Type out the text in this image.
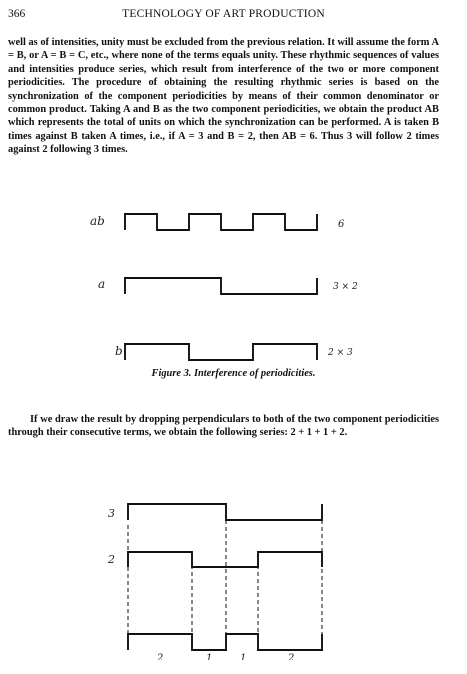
366	TECHNOLOGY OF ART PRODUCTION

well as of intensities, unity must be excluded from the previous relation. It will assume the form A = B, or A = B = C, etc., where none of the terms equals unity. These rhythmic sequences of values and intensities produce series, which result from interference of the two or more component periodicities. The procedure of obtaining the resulting rhythmic series is based on the synchronization of the component periodicities by means of their common denominator or common product. Taking A and B as the two component periodicities, we obtain the product AB which represents the total of units on which the synchronization can be performed. A is taken B times against B taken A times, i.e., if A = 3 and B = 2, then AB = 6. Thus 3 will follow 2 times against 2 following 3 times.

ab	6
a	3 × 2
b	2 × 3
Figure 3. Interference of periodicities.

If we draw the result by dropping perpendiculars to both of the two component periodicities through their consecutive terms, we obtain the following series: 2 + 1 + 1 + 2.

3
2
2	1	1	2
